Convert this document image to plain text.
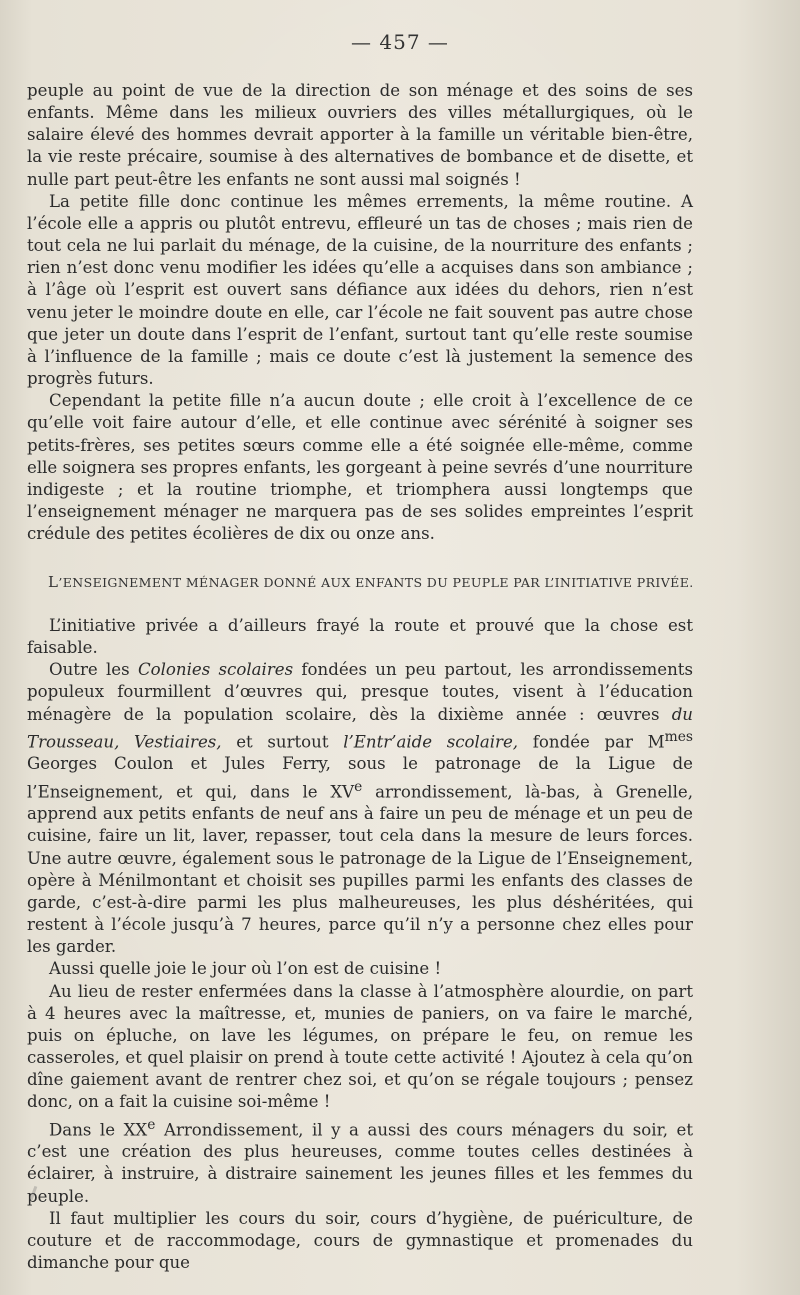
— 457 —

peuple au point de vue de la direction de son ménage et des soins de ses enfants. Même dans les milieux ouvriers des villes métallurgiques, où le salaire élevé des hommes devrait apporter à la famille un véritable bien-être, la vie reste précaire, soumise à des alternatives de bombance et de disette, et nulle part peut-être les enfants ne sont aussi mal soignés !

La petite fille donc continue les mêmes errements, la même routine. A l’école elle a appris ou plutôt entrevu, effleuré un tas de choses ; mais rien de tout cela ne lui parlait du ménage, de la cuisine, de la nourriture des enfants ; rien n’est donc venu modifier les idées qu’elle a acquises dans son ambiance ; à l’âge où l’esprit est ouvert sans défiance aux idées du dehors, rien n’est venu jeter le moindre doute en elle, car l’école ne fait souvent pas autre chose que jeter un doute dans l’esprit de l’enfant, surtout tant qu’elle reste soumise à l’influence de la famille ; mais ce doute c’est là justement la semence des progrès futurs.

Cependant la petite fille n’a aucun doute ; elle croit à l’excellence de ce qu’elle voit faire autour d’elle, et elle continue avec sérénité à soigner ses petits-frères, ses petites sœurs comme elle a été soignée elle-même, comme elle soignera ses propres enfants, les gorgeant à peine sevrés d’une nourriture indigeste ; et la routine triomphe, et triomphera aussi longtemps que l’enseignement ménager ne marquera pas de ses solides empreintes l’esprit crédule des petites écolières de dix ou onze ans.

L’ENSEIGNEMENT MÉNAGER DONNÉ AUX ENFANTS DU PEUPLE PAR L’INITIATIVE PRIVÉE.

L’initiative privée a d’ailleurs frayé la route et prouvé que la chose est faisable.

Outre les Colonies scolaires fondées un peu partout, les arrondissements populeux fourmillent d’œuvres qui, presque toutes, visent à l’éducation ménagère de la population scolaire, dès la dixième année : œuvres du Trousseau, Vestiaires, et surtout l’Entr’aide scolaire, fondée par $M^{mes}$ Georges Coulon et Jules Ferry, sous le patronage de la Ligue de l’Enseignement, et qui, dans le XVe arrondissement, là-bas, à Grenelle, apprend aux petits enfants de neuf ans à faire un peu de ménage et un peu de cuisine, faire un lit, laver, repasser, tout cela dans la mesure de leurs forces. Une autre œuvre, également sous le patronage de la Ligue de l’Enseignement, opère à Ménilmontant et choisit ses pupilles parmi les enfants des classes de garde, c’est-à-dire parmi les plus malheureuses, les plus déshéritées, qui restent à l’école jusqu’à 7 heures, parce qu’il n’y a personne chez elles pour les garder.

Aussi quelle joie le jour où l’on est de cuisine !

Au lieu de rester enfermées dans la classe à l’atmosphère alourdie, on part à 4 heures avec la maîtresse, et, munies de paniers, on va faire le marché, puis on épluche, on lave les légumes, on prépare le feu, on remue les casseroles, et quel plaisir on prend à toute cette activité ! Ajoutez à cela qu’on dîne gaiement avant de rentrer chez soi, et qu’on se régale toujours ; pensez donc, on a fait la cuisine soi-même !

Dans le XXe Arrondissement, il y a aussi des cours ménagers du soir, et c’est une création des plus heureuses, comme toutes celles destinées à éclairer, à instruire, à distraire sainement les jeunes filles et les femmes du peuple.

Il faut multiplier les cours du soir, cours d’hygiène, de puériculture, de couture et de raccommodage, cours de gymnastique et promenades du dimanche pour que
